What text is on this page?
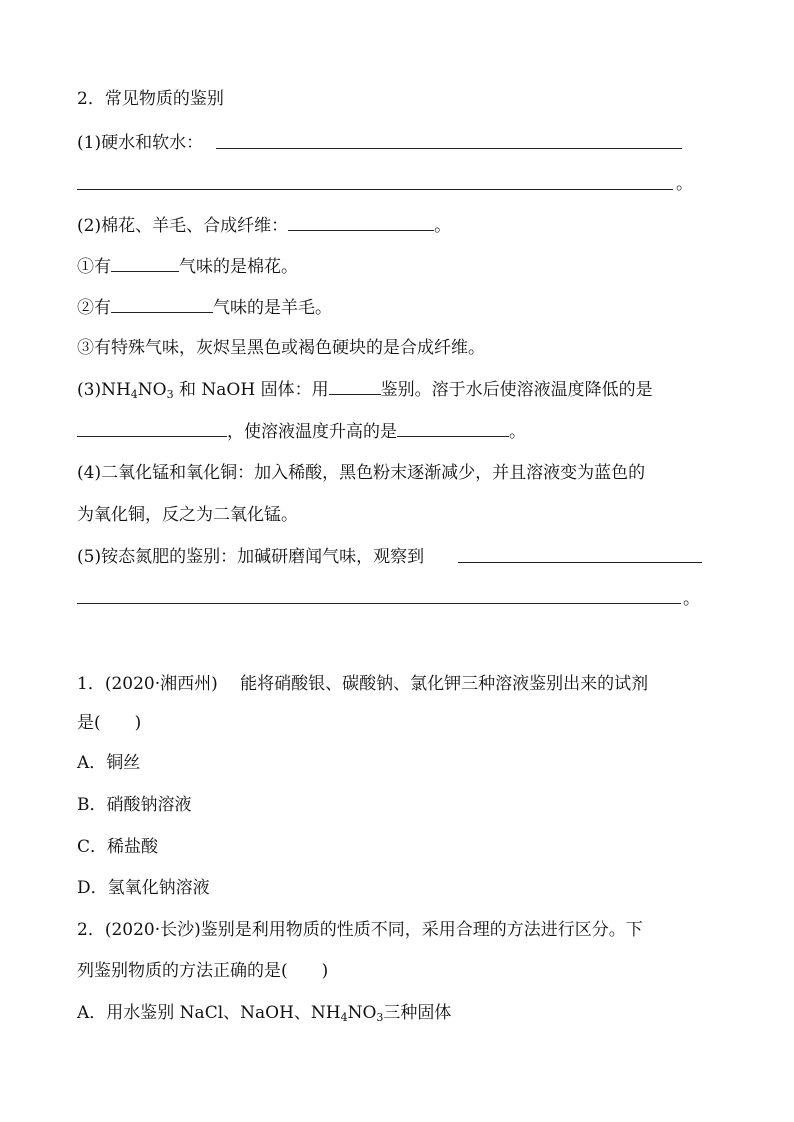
2．常见物质的鉴别
(1)硬水和软水：
。
(2)棉花、羊毛、合成纤维：	。
①有	气味的是棉花。
②有	气味的是羊毛。
③有特殊气味，灰烬呈黑色或褐色硬块的是合成纤维。
$(3)NH_4NO_3$ 和 NaOH 固体：用	鉴别。溶于水后使溶液温度降低的是
，使溶液温度升高的是	。
(4)二氧化锰和氧化铜：加入稀酸，黑色粉末逐渐减少，并且溶液变为蓝色的
为氧化铜，反之为二氧化锰。
(5)铵态氮肥的鉴别：加碱研磨闻气味，观察到
。
1．(2020·湘西州)　 能将硝酸银、碳酸钠、氯化钾三种溶液鉴别出来的试剂
是(　　)
A．铜丝
B．硝酸钠溶液
C．稀盐酸
D．氢氧化钠溶液
2．(2020·长沙)鉴别是利用物质的性质不同，采用合理的方法进行区分。下
列鉴别物质的方法正确的是(　　)
A．用水鉴别 NaCl、NaOH、$NH_4NO_3$三种固体
